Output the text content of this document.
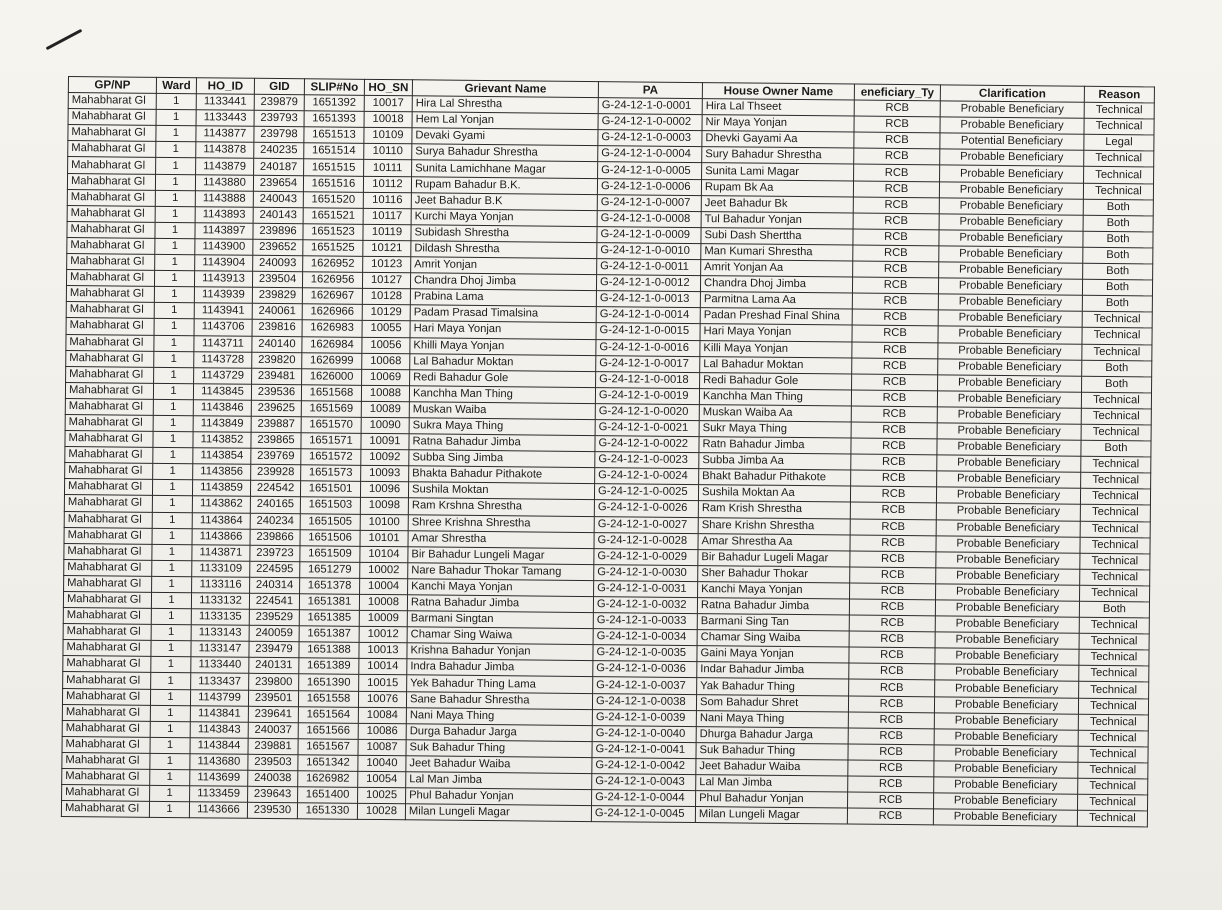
GP/NP	Ward	HO_ID	GID	SLIP#No	HO_SN	Grievant Name	PA	House Owner Name	eneficiary_Ty	Clarification	Reason
Mahabharat Gl	1	1133441	239879	1651392	10017	Hira Lal Shrestha	G-24-12-1-0-0001	Hira Lal Thseet	RCB	Probable Beneficiary	Technical
Mahabharat Gl	1	1133443	239793	1651393	10018	Hem Lal Yonjan	G-24-12-1-0-0002	Nir Maya Yonjan	RCB	Probable Beneficiary	Technical
Mahabharat Gl	1	1143877	239798	1651513	10109	Devaki Gyami	G-24-12-1-0-0003	Dhevki Gayami Aa	RCB	Potential Beneficiary	Legal
Mahabharat Gl	1	1143878	240235	1651514	10110	Surya Bahadur Shrestha	G-24-12-1-0-0004	Sury Bahadur Shrestha	RCB	Probable Beneficiary	Technical
Mahabharat Gl	1	1143879	240187	1651515	10111	Sunita Lamichhane Magar	G-24-12-1-0-0005	Sunita Lami Magar	RCB	Probable Beneficiary	Technical
Mahabharat Gl	1	1143880	239654	1651516	10112	Rupam Bahadur B.K.	G-24-12-1-0-0006	Rupam Bk Aa	RCB	Probable Beneficiary	Technical
Mahabharat Gl	1	1143888	240043	1651520	10116	Jeet Bahadur B.K	G-24-12-1-0-0007	Jeet Bahadur Bk	RCB	Probable Beneficiary	Both
Mahabharat Gl	1	1143893	240143	1651521	10117	Kurchi Maya Yonjan	G-24-12-1-0-0008	Tul Bahadur Yonjan	RCB	Probable Beneficiary	Both
Mahabharat Gl	1	1143897	239896	1651523	10119	Subidash Shrestha	G-24-12-1-0-0009	Subi Dash Sherttha	RCB	Probable Beneficiary	Both
Mahabharat Gl	1	1143900	239652	1651525	10121	Dildash Shrestha	G-24-12-1-0-0010	Man Kumari Shrestha	RCB	Probable Beneficiary	Both
Mahabharat Gl	1	1143904	240093	1626952	10123	Amrit Yonjan	G-24-12-1-0-0011	Amrit Yonjan Aa	RCB	Probable Beneficiary	Both
Mahabharat Gl	1	1143913	239504	1626956	10127	Chandra Dhoj Jimba	G-24-12-1-0-0012	Chandra Dhoj Jimba	RCB	Probable Beneficiary	Both
Mahabharat Gl	1	1143939	239829	1626967	10128	Prabina Lama	G-24-12-1-0-0013	Parmitna Lama Aa	RCB	Probable Beneficiary	Both
Mahabharat Gl	1	1143941	240061	1626966	10129	Padam Prasad Timalsina	G-24-12-1-0-0014	Padan Preshad Final Shina	RCB	Probable Beneficiary	Technical
Mahabharat Gl	1	1143706	239816	1626983	10055	Hari Maya Yonjan	G-24-12-1-0-0015	Hari Maya Yonjan	RCB	Probable Beneficiary	Technical
Mahabharat Gl	1	1143711	240140	1626984	10056	Khilli Maya Yonjan	G-24-12-1-0-0016	Killi Maya Yonjan	RCB	Probable Beneficiary	Technical
Mahabharat Gl	1	1143728	239820	1626999	10068	Lal Bahadur Moktan	G-24-12-1-0-0017	Lal Bahadur Moktan	RCB	Probable Beneficiary	Both
Mahabharat Gl	1	1143729	239481	1626000	10069	Redi Bahadur Gole	G-24-12-1-0-0018	Redi Bahadur Gole	RCB	Probable Beneficiary	Both
Mahabharat Gl	1	1143845	239536	1651568	10088	Kanchha Man Thing	G-24-12-1-0-0019	Kanchha Man Thing	RCB	Probable Beneficiary	Technical
Mahabharat Gl	1	1143846	239625	1651569	10089	Muskan Waiba	G-24-12-1-0-0020	Muskan Waiba Aa	RCB	Probable Beneficiary	Technical
Mahabharat Gl	1	1143849	239887	1651570	10090	Sukra Maya Thing	G-24-12-1-0-0021	Sukr Maya Thing	RCB	Probable Beneficiary	Technical
Mahabharat Gl	1	1143852	239865	1651571	10091	Ratna Bahadur Jimba	G-24-12-1-0-0022	Ratn Bahadur Jimba	RCB	Probable Beneficiary	Both
Mahabharat Gl	1	1143854	239769	1651572	10092	Subba Sing Jimba	G-24-12-1-0-0023	Subba Jimba Aa	RCB	Probable Beneficiary	Technical
Mahabharat Gl	1	1143856	239928	1651573	10093	Bhakta Bahadur Pithakote	G-24-12-1-0-0024	Bhakt Bahadur Pithakote	RCB	Probable Beneficiary	Technical
Mahabharat Gl	1	1143859	224542	1651501	10096	Sushila Moktan	G-24-12-1-0-0025	Sushila Moktan Aa	RCB	Probable Beneficiary	Technical
Mahabharat Gl	1	1143862	240165	1651503	10098	Ram Krshna Shrestha	G-24-12-1-0-0026	Ram Krish Shrestha	RCB	Probable Beneficiary	Technical
Mahabharat Gl	1	1143864	240234	1651505	10100	Shree Krishna Shrestha	G-24-12-1-0-0027	Share Krishn Shrestha	RCB	Probable Beneficiary	Technical
Mahabharat Gl	1	1143866	239866	1651506	10101	Amar Shrestha	G-24-12-1-0-0028	Amar Shrestha Aa	RCB	Probable Beneficiary	Technical
Mahabharat Gl	1	1143871	239723	1651509	10104	Bir Bahadur Lungeli Magar	G-24-12-1-0-0029	Bir Bahadur Lugeli Magar	RCB	Probable Beneficiary	Technical
Mahabharat Gl	1	1133109	224595	1651279	10002	Nare Bahadur Thokar Tamang	G-24-12-1-0-0030	Sher Bahadur Thokar	RCB	Probable Beneficiary	Technical
Mahabharat Gl	1	1133116	240314	1651378	10004	Kanchi Maya Yonjan	G-24-12-1-0-0031	Kanchi Maya Yonjan	RCB	Probable Beneficiary	Technical
Mahabharat Gl	1	1133132	224541	1651381	10008	Ratna Bahadur Jimba	G-24-12-1-0-0032	Ratna Bahadur Jimba	RCB	Probable Beneficiary	Both
Mahabharat Gl	1	1133135	239529	1651385	10009	Barmani Singtan	G-24-12-1-0-0033	Barmani Sing Tan	RCB	Probable Beneficiary	Technical
Mahabharat Gl	1	1133143	240059	1651387	10012	Chamar Sing Waiwa	G-24-12-1-0-0034	Chamar Sing Waiba	RCB	Probable Beneficiary	Technical
Mahabharat Gl	1	1133147	239479	1651388	10013	Krishna Bahadur Yonjan	G-24-12-1-0-0035	Gaini Maya Yonjan	RCB	Probable Beneficiary	Technical
Mahabharat Gl	1	1133440	240131	1651389	10014	Indra Bahadur Jimba	G-24-12-1-0-0036	Indar Bahadur Jimba	RCB	Probable Beneficiary	Technical
Mahabharat Gl	1	1133437	239800	1651390	10015	Yek Bahadur Thing Lama	G-24-12-1-0-0037	Yak Bahadur Thing	RCB	Probable Beneficiary	Technical
Mahabharat Gl	1	1143799	239501	1651558	10076	Sane Bahadur Shrestha	G-24-12-1-0-0038	Som Bahadur Shret	RCB	Probable Beneficiary	Technical
Mahabharat Gl	1	1143841	239641	1651564	10084	Nani Maya Thing	G-24-12-1-0-0039	Nani Maya Thing	RCB	Probable Beneficiary	Technical
Mahabharat Gl	1	1143843	240037	1651566	10086	Durga Bahadur Jarga	G-24-12-1-0-0040	Dhurga Bahadur Jarga	RCB	Probable Beneficiary	Technical
Mahabharat Gl	1	1143844	239881	1651567	10087	Suk Bahadur Thing	G-24-12-1-0-0041	Suk Bahadur Thing	RCB	Probable Beneficiary	Technical
Mahabharat Gl	1	1143680	239503	1651342	10040	Jeet Bahadur Waiba	G-24-12-1-0-0042	Jeet Bahadur Waiba	RCB	Probable Beneficiary	Technical
Mahabharat Gl	1	1143699	240038	1626982	10054	Lal Man Jimba	G-24-12-1-0-0043	Lal Man Jimba	RCB	Probable Beneficiary	Technical
Mahabharat Gl	1	1133459	239643	1651400	10025	Phul Bahadur Yonjan	G-24-12-1-0-0044	Phul Bahadur Yonjan	RCB	Probable Beneficiary	Technical
Mahabharat Gl	1	1143666	239530	1651330	10028	Milan Lungeli Magar	G-24-12-1-0-0045	Milan Lungeli Magar	RCB	Probable Beneficiary	Technical
